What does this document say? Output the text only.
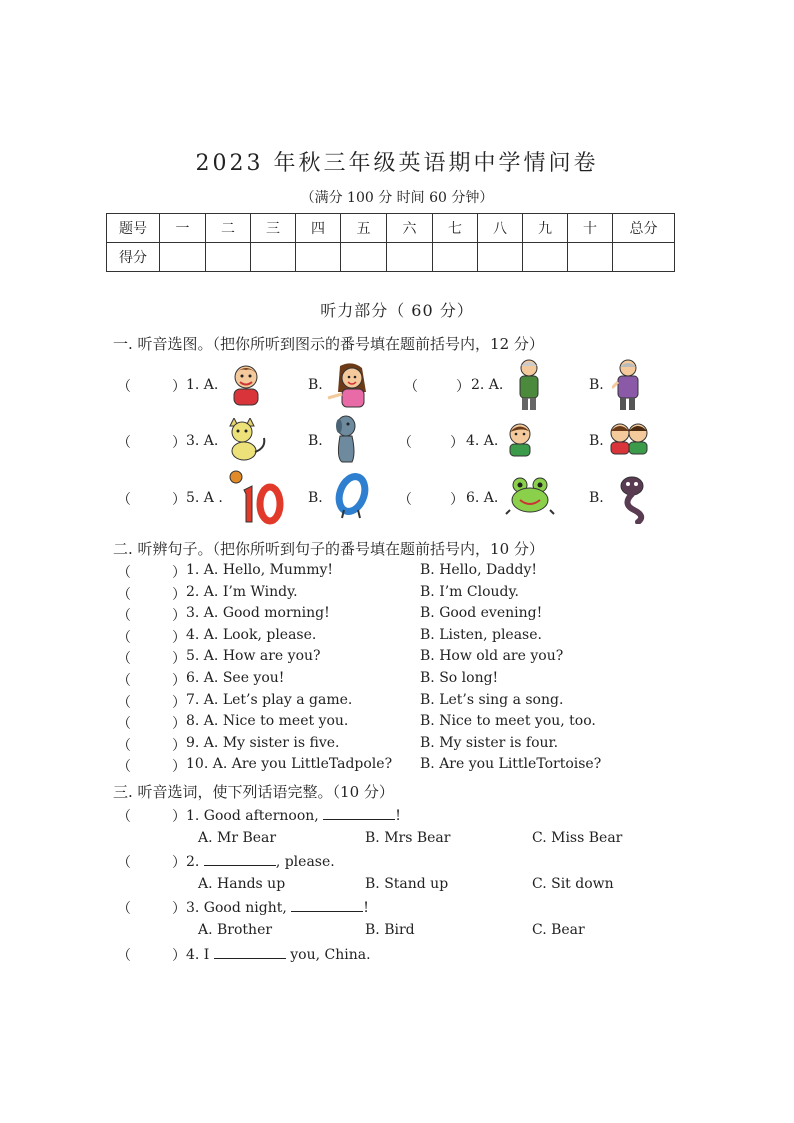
2023 年秋三年级英语期中学情问卷
（满分 100 分 时间 60 分钟）
题号	一	二	三	四	五	六	七	八	九	十	总分
得分											
听力部分（ 60 分）
一. 听音选图。（把你所听到图示的番号填在题前括号内，12 分）
（	） 1. A.	B.	（	） 2. A.	B.
（	） 3. A.	B.	（	） 4. A.	B.
（	） 5. A .	B.	（	） 6. A.	B.
二. 听辨句子。（把你所听到句子的番号填在题前括号内，10 分）
（	） 1. A. Hello, Mummy!	B. Hello, Daddy!
（	） 2. A. I’m Windy.	B. I’m Cloudy.
（	） 3. A. Good morning!	B. Good evening!
（	） 4. A. Look, please.	B. Listen, please.
（	） 5. A. How are you?	B. How old are you?
（	） 6. A. See you!	B. So long!
（	） 7. A. Let’s play a game.	B. Let’s sing a song.
（	） 8. A. Nice to meet you.	B. Nice to meet you, too.
（	） 9. A. My sister is five.	B. My sister is four.
（	） 10. A. Are you LittleTadpole? B. Are you LittleTortoise?
三. 听音选词，使下列话语完整。（10 分）
（	） 1. Good afternoon,	!
A. Mr Bear	B. Mrs Bear	C. Miss Bear
（	） 2.	, please.
A. Hands up	B. Stand up	C. Sit down
（	） 3. Good night,	!
A. Brother	B. Bird	C. Bear
（	） 4. I	you, China.
